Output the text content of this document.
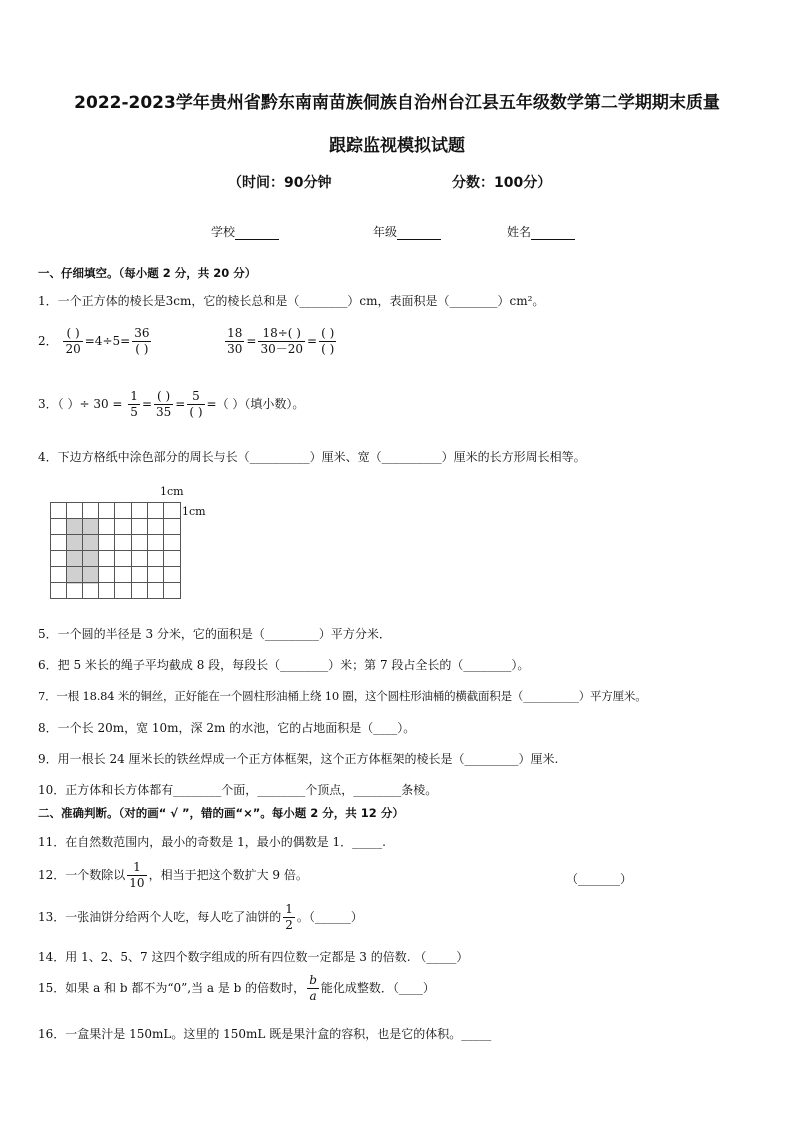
2022-2023学年贵州省黔东南南苗族侗族自治州台江县五年级数学第二学期期末质量
跟踪监视模拟试题
（时间：90分钟	分数：100分）
学校	年级	姓名
一、仔细填空。（每小题 2 分，共 20 分）
1．一个正方体的棱长是3cm，它的棱长总和是（________）cm，表面积是（________）cm²。
2． $\frac{( )}{20} =4\div 5= \frac{36}{( )}$
	$\frac{18}{30} = \frac{18\div( )}{30-20} = \frac{( )}{( )}$
3．（ ）÷ $30 = \frac{1}{5} = \frac{( )}{35} = \frac{5}{( )}$ =（ ）（填小数）。
4．下边方格纸中涂色部分的周长与长（__________）厘米、宽（__________）厘米的长方形周长相等。
1cm
1cm
5．一个圆的半径是 3 分米，它的面积是（_________）平方分米．
6．把 5 米长的绳子平均截成 8 段，每段长（________）米；第 7 段占全长的（________）。
7．一根 18.84 米的铜丝，正好能在一个圆柱形油桶上绕 10 圈，这个圆柱形油桶的横截面积是（__________）平方厘米。
8．一个长 20m，宽 10m，深 2m 的水池，它的占地面积是（____）。
9．用一根长 24 厘米长的铁丝焊成一个正方体框架，这个正方体框架的棱长是（_________）厘米.
10．正方体和长方体都有________个面，________个顶点，________条棱。
二、准确判断。（对的画“ √ ”，错的画“×”。每小题 2 分，共 12 分）
11．在自然数范围内，最小的奇数是 1，最小的偶数是 1．_____.
12．一个数除以 $\frac{1}{10}$ ，相当于把这个数扩大 9 倍。	（_______）
13．一张油饼分给两个人吃，每人吃了油饼的 $\frac{1}{2}$ 。（______）
14．用 1、2、5、7 这四个数字组成的所有四位数一定都是 3 的倍数. （_____）
15．如果 a 和 b 都不为“0”,当 a 是 b 的倍数时， $\frac{b}{a}$ 能化成整数．（____）
16．一盒果汁是 150mL。这里的 150mL 既是果汁盒的容积，也是它的体积。_____
